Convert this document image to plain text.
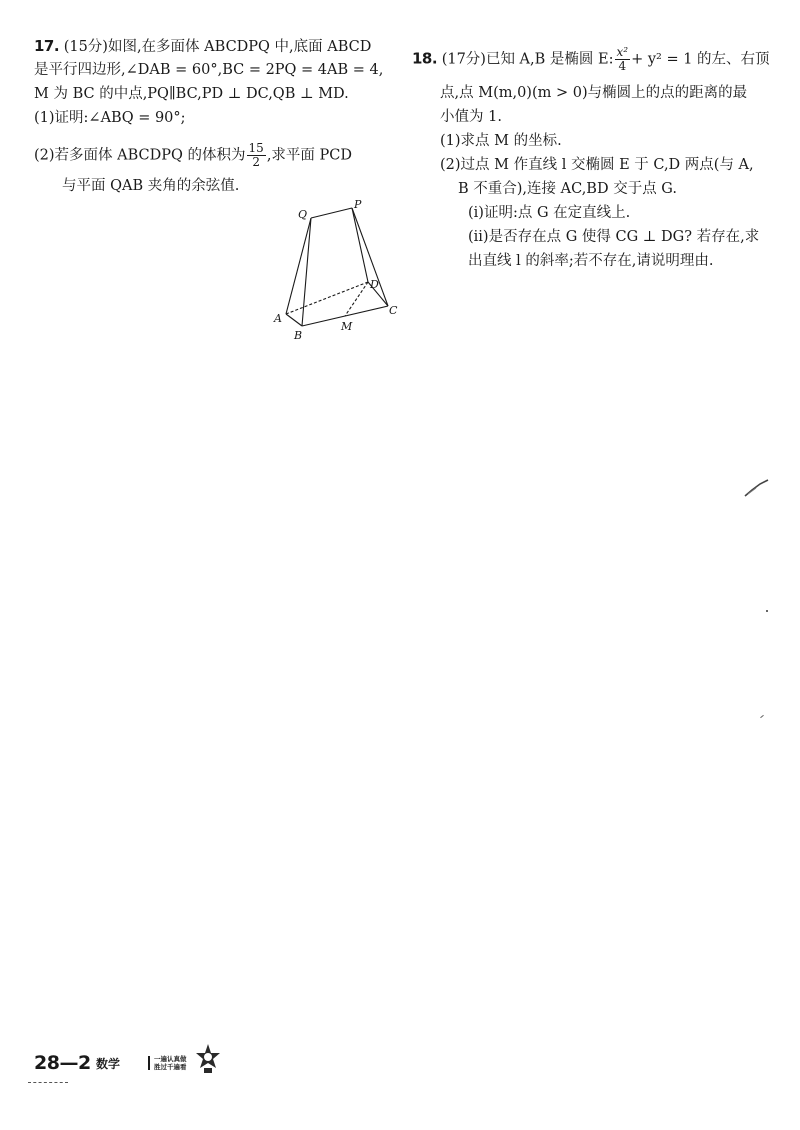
17. (15分)如图,在多面体 ABCDPQ 中,底面 ABCD
是平行四边形,∠DAB = 60°,BC = 2PQ = 4AB = 4,
M 为 BC 的中点,PQ∥BC,PD ⊥ DC,QB ⊥ MD.
(1)证明:∠ABQ = 90°;
(2)若多面体 ABCDPQ 的体积为 $\frac{15}{2}$ ,求平面 PCD
与平面 QAB 夹角的余弦值.
Q
P
A
B
C
D
M
18. (17分)已知 A,B 是椭圆 E: $\frac{\text{x²}}{4} + y^2 = 1$ 的左、右顶
点,点 M(m,0)(m > 0)与椭圆上的点的距离的最
小值为 1.
(1)求点 M 的坐标.
(2)过点 M 作直线 l 交椭圆 E 于 C,D 两点(与 A,
B 不重合),连接 AC,BD 交于点 G.
(i)证明:点 G 在定直线上.
(ii)是否存在点 G 使得 CG ⊥ DG? 若存在,求
出直线 l 的斜率;若不存在,请说明理由.
28—2 数学	一遍认真做
胜过千遍看
